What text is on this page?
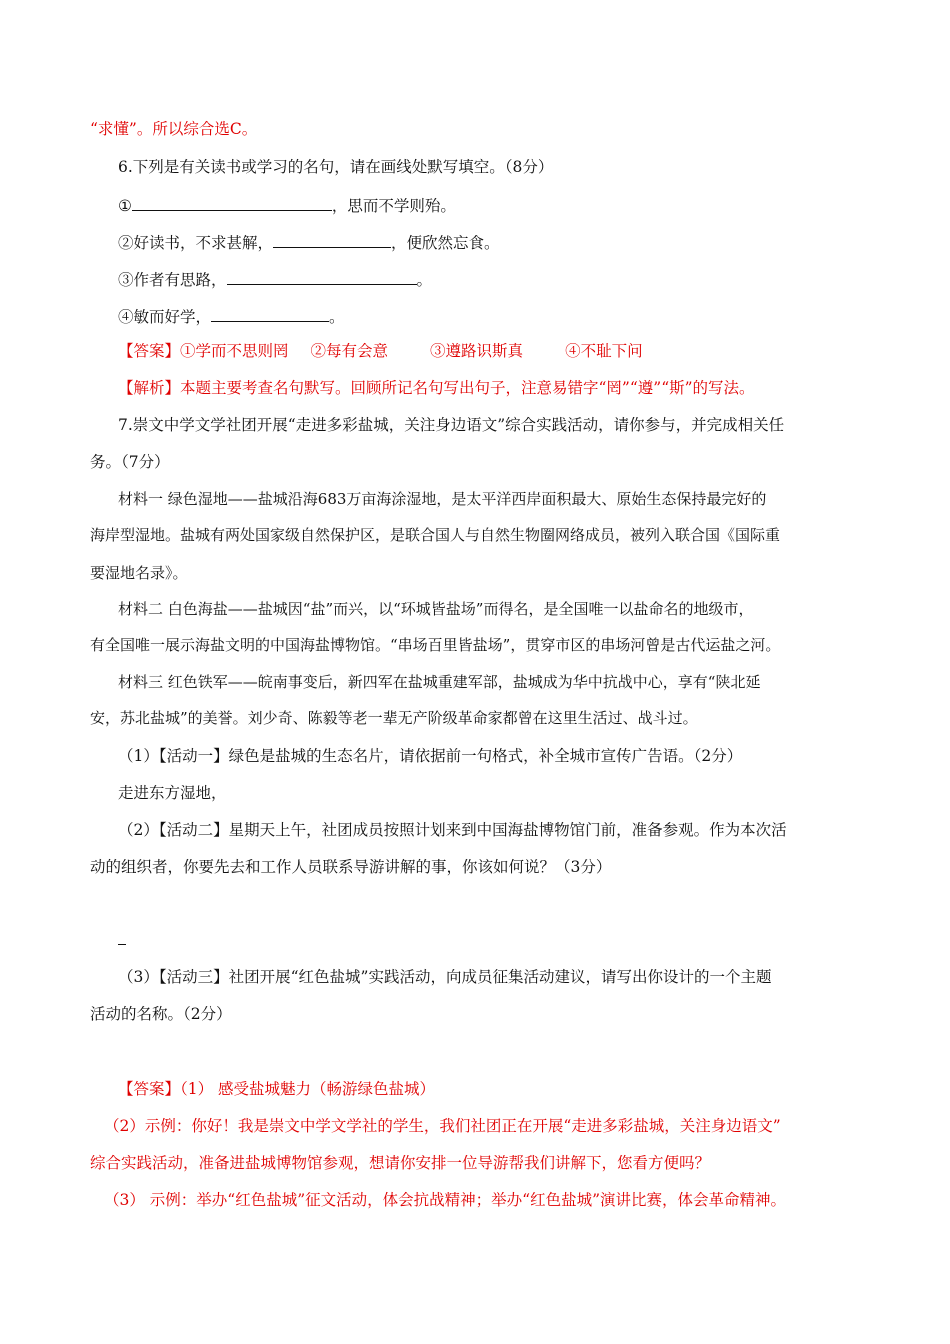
“求懂”。所以综合选C。
6.下列是有关读书或学习的名句，请在画线处默写填空。（8分）
①	，思而不学则殆。
②好读书，不求甚解，	，便欣然忘食。
③作者有思路，	。
④敏而好学，	。
【答案】①学而不思则罔 ②每有会意	③遵路识斯真	④不耻下问
【解析】本题主要考查名句默写。回顾所记名句写出句子，注意易错字“罔”“遵”“斯”的写法。
7.崇文中学文学社团开展“走进多彩盐城，关注身边语文”综合实践活动，请你参与，并完成相关任
务。（7分）
材料一 绿色湿地——盐城沿海683万亩海涂湿地，是太平洋西岸面积最大、原始生态保持最完好的
海岸型湿地。盐城有两处国家级自然保护区，是联合国人与自然生物圈网络成员，被列入联合国《国际重
要湿地名录》。
材料二 白色海盐——盐城因“盐”而兴，以“环城皆盐场”而得名，是全国唯一以盐命名的地级市，
有全国唯一展示海盐文明的中国海盐博物馆。“串场百里皆盐场”，贯穿市区的串场河曾是古代运盐之河。
材料三 红色铁军——皖南事变后，新四军在盐城重建军部，盐城成为华中抗战中心，享有“陕北延
安，苏北盐城”的美誉。刘少奇、陈毅等老一辈无产阶级革命家都曾在这里生活过、战斗过。
（1）【活动一】绿色是盐城的生态名片，请依据前一句格式，补全城市宣传广告语。（2分）
走进东方湿地，
（2）【活动二】星期天上午，社团成员按照计划来到中国海盐博物馆门前，准备参观。作为本次活
动的组织者，你要先去和工作人员联系导游讲解的事，你该如何说？（3分）
（3）【活动三】社团开展“红色盐城”实践活动，向成员征集活动建议，请写出你设计的一个主题
活动的名称。（2分）
【答案】（1） 感受盐城魅力（畅游绿色盐城）
（2）示例：你好！我是崇文中学文学社的学生，我们社团正在开展“走进多彩盐城，关注身边语文”
综合实践活动，准备进盐城博物馆参观，想请你安排一位导游帮我们讲解下，您看方便吗？
（3） 示例：举办“红色盐城”征文活动，体会抗战精神；举办“红色盐城”演讲比赛，体会革命精神。
